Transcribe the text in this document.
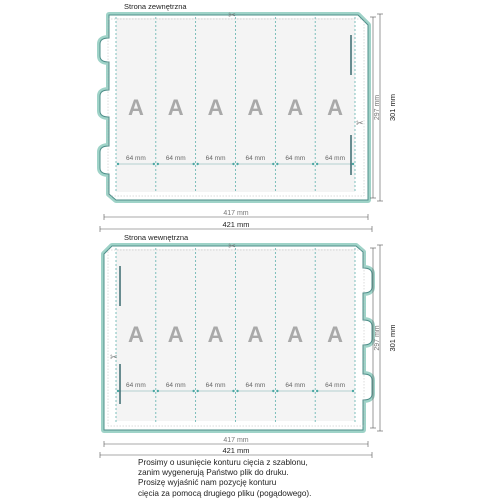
Strona zewnętrzna
A
64 mm
A
64 mm
A
64 mm
A
64 mm
A
64 mm
A
64 mm
✂
✂
417 mm
421 mm
297 mm 301 mm
Strona wewnętrzna
A
64 mm
A
64 mm
A
64 mm
A
64 mm
A
64 mm
A
64 mm
✂
✂
417 mm
421 mm
297 mm 301 mm
Prosimy o usunięcie konturu cięcia z szablonu,
zanim wygenerują Państwo plik do druku.
Prosizę wyjaśnić nam pozycję konturu
cięcia za pomocą drugiego pliku (pogądowego).
